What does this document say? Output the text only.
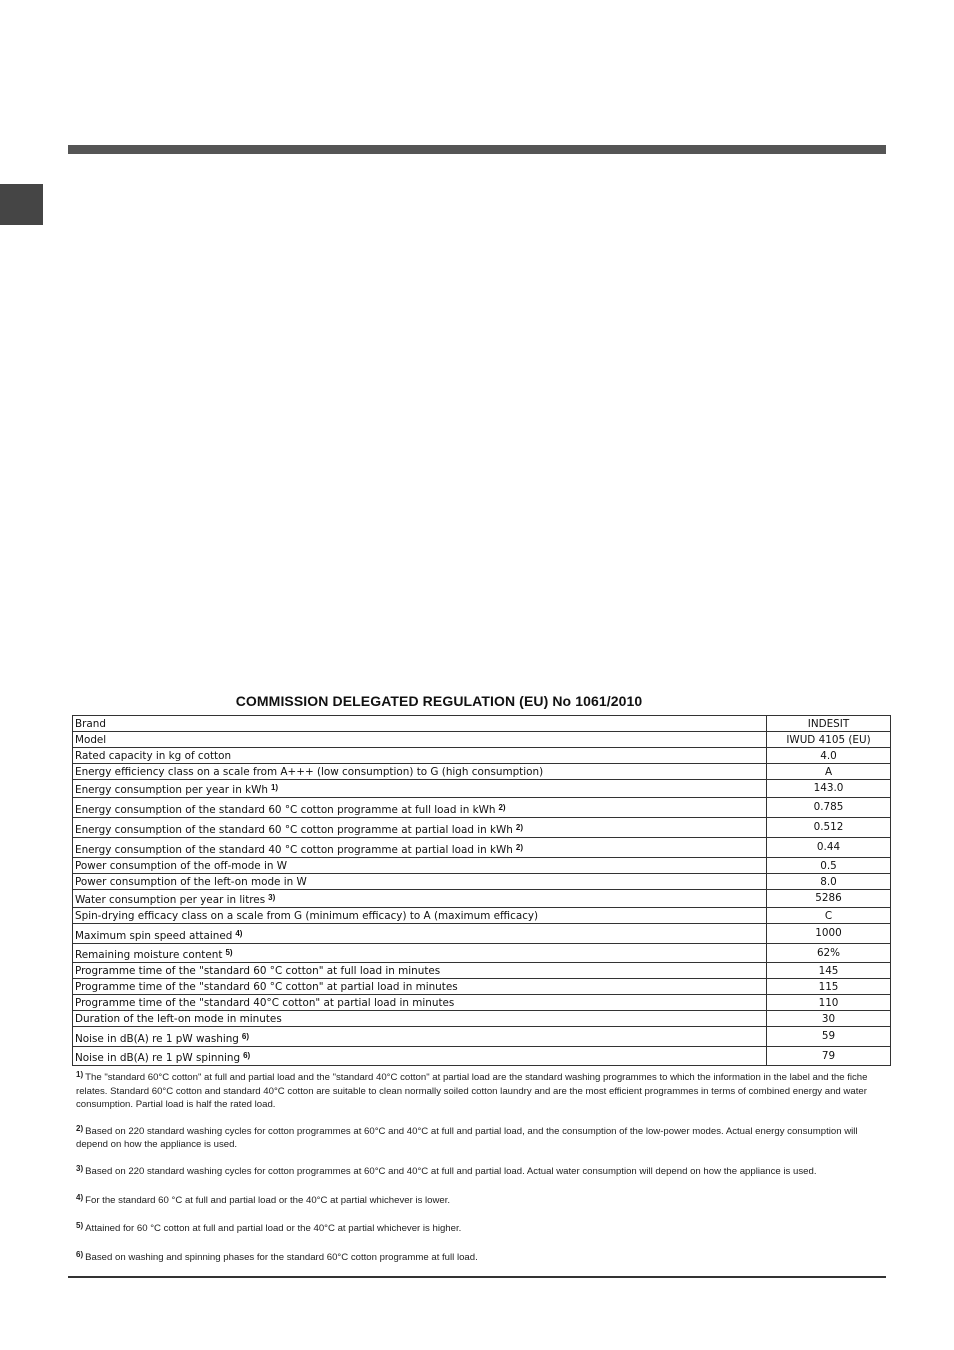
COMMISSION DELEGATED REGULATION (EU) No 1061/2010
Brand	INDESIT
Model	IWUD 4105 (EU)
Rated capacity in kg of cotton	4.0
Energy efficiency class on a scale from A+++ (low consumption) to G (high consumption)	A
Energy consumption per year in kWh $^{1)}$	143.0
Energy consumption of the standard 60 °C cotton programme at full load in kWh $^{2)}$	0.785
Energy consumption of the standard 60 °C cotton programme at partial load in kWh $^{2)}$	0.512
Energy consumption of the standard 40 °C cotton programme at partial load in kWh $^{2)}$	0.44
Power consumption of the off-mode in W	0.5
Power consumption of the left-on mode in W	8.0
Water consumption per year in litres $^{3)}$	5286
Spin-drying efficacy class on a scale from G (minimum efficacy) to A (maximum efficacy)	C
Maximum spin speed attained $^{4)}$	1000
Remaining moisture content $^{5)}$	62%
Programme time of the "standard 60 °C cotton" at full load in minutes	145
Programme time of the "standard 60 °C cotton" at partial load in minutes	115
Programme time of the "standard 40°C cotton" at partial load in minutes	110
Duration of the left-on mode in minutes	30
Noise in dB(A) re 1 pW washing $^{6)}$	59
Noise in dB(A) re 1 pW spinning $^{6)}$	79

$^{1)}$ The "standard 60°C cotton" at full and partial load and the "standard 40°C cotton" at partial load are the standard washing programmes to which the information in the label and the fiche relates. Standard 60°C cotton and standard 40°C cotton are suitable to clean normally soiled cotton laundry and are the most efficient programmes in terms of combined energy and water consumption. Partial load is half the rated load.

$^{2)}$ Based on 220 standard washing cycles for cotton programmes at 60°C and 40°C at full and partial load, and the consumption of the low-power modes. Actual energy consumption will depend on how the appliance is used.

$^{3)}$ Based on 220 standard washing cycles for cotton programmes at 60°C and 40°C at full and partial load. Actual water consumption will depend on how the appliance is used.

$^{4)}$ For the standard 60 °C at full and partial load or the 40°C at partial whichever is lower.

$^{5)}$ Attained for 60 °C cotton at full and partial load or the 40°C at partial whichever is higher.

$^{6)}$ Based on washing and spinning phases for the standard 60°C cotton programme at full load.
